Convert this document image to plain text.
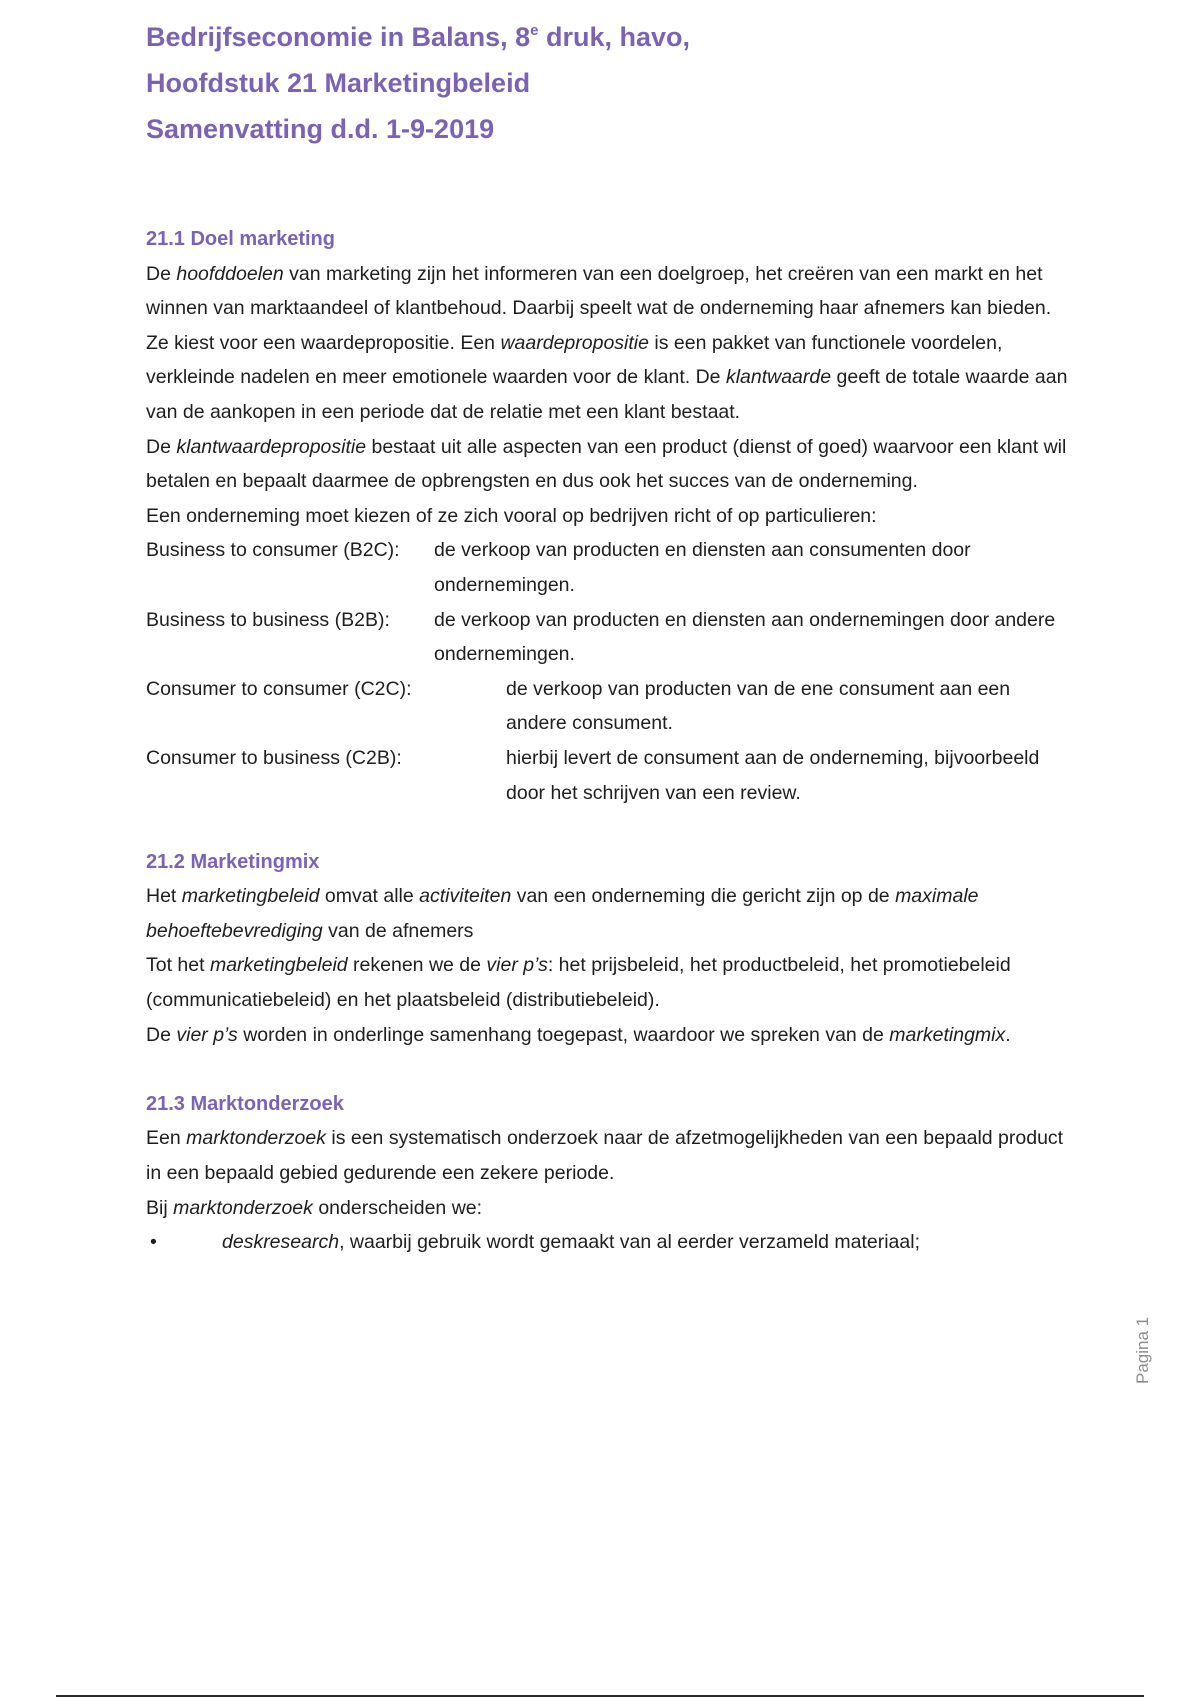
Bedrijfseconomie in Balans, 8e druk, havo,
Hoofdstuk 21 Marketingbeleid
Samenvatting d.d. 1-9-2019
21.1 Doel marketing

De hoofddoelen van marketing zijn het informeren van een doelgroep, het creëren van een markt en het winnen van marktaandeel of klantbehoud. Daarbij speelt wat de onderneming haar afnemers kan bieden. Ze kiest voor een waardepropositie. Een waardepropositie is een pakket van functionele voordelen, verkleinde nadelen en meer emotionele waarden voor de klant. De klantwaarde geeft de totale waarde aan van de aankopen in een periode dat de relatie met een klant bestaat.

De klantwaardepropositie bestaat uit alle aspecten van een product (dienst of goed) waarvoor een klant wil betalen en bepaalt daarmee de opbrengsten en dus ook het succes van de onderneming.

Een onderneming moet kiezen of ze zich vooral op bedrijven richt of op particulieren:

Business to consumer (B2C):	de verkoop van producten en diensten aan consumenten door ondernemingen.
Business to business (B2B):	de verkoop van producten en diensten aan ondernemingen door andere ondernemingen.
Consumer to consumer (C2C):	de verkoop van producten van de ene consument aan een andere consument.
Consumer to business (C2B):	hierbij levert de consument aan de onderneming, bijvoorbeeld door het schrijven van een review.
21.2 Marketingmix

Het marketingbeleid omvat alle activiteiten van een onderneming die gericht zijn op de maximale behoeftebevrediging van de afnemers

Tot het marketingbeleid rekenen we de vier p’s: het prijsbeleid, het productbeleid, het promotiebeleid (communicatiebeleid) en het plaatsbeleid (distributiebeleid).

De vier p’s worden in onderlinge samenhang toegepast, waardoor we spreken van de marketingmix.

21.3 Marktonderzoek

Een marktonderzoek is een systematisch onderzoek naar de afzetmogelijkheden van een bepaald product in een bepaald gebied gedurende een zekere periode.

Bij marktonderzoek onderscheiden we:

•	deskresearch, waarbij gebruik wordt gemaakt van al eerder verzameld materiaal;
Pagina 1
